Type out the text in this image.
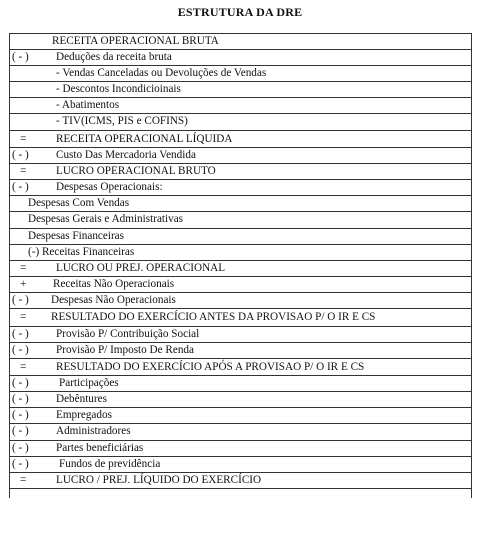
ESTRUTURA DA DRE
RECEITA OPERACIONAL BRUTA
( - ) Deduções da receita bruta
- Vendas Canceladas ou Devoluções de Vendas
- Descontos Incondicioinais
- Abatimentos
- TIV(ICMS, PIS e COFINS)
=	RECEITA OPERACIONAL LÍQUIDA
( - ) Custo Das Mercadoria Vendida
=	LUCRO OPERACIONAL BRUTO
( - ) Despesas Operacionais:
Despesas Com Vendas
Despesas Gerais e Administrativas
Despesas Financeiras
(-) Receitas Financeiras
=	LUCRO OU PREJ. OPERACIONAL
+ Receitas Não Operacionais
( - ) Despesas Não Operacionais
= RESULTADO DO EXERCÍCIO ANTES DA PROVISAO P/ O IR E CS
( - ) Provisão P/ Contribuição Social
( - ) Provisão P/ Imposto De Renda
=	RESULTADO DO EXERCÍCIO APÓS A PROVISAO P/ O IR E CS
( - )	Participações
( - ) Debêntures
( - ) Empregados
( - ) Administradores
( - ) Partes beneficiárias
( - )	Fundos de previdência
=	LUCRO / PREJ. LÍQUIDO DO EXERCÍCIO
